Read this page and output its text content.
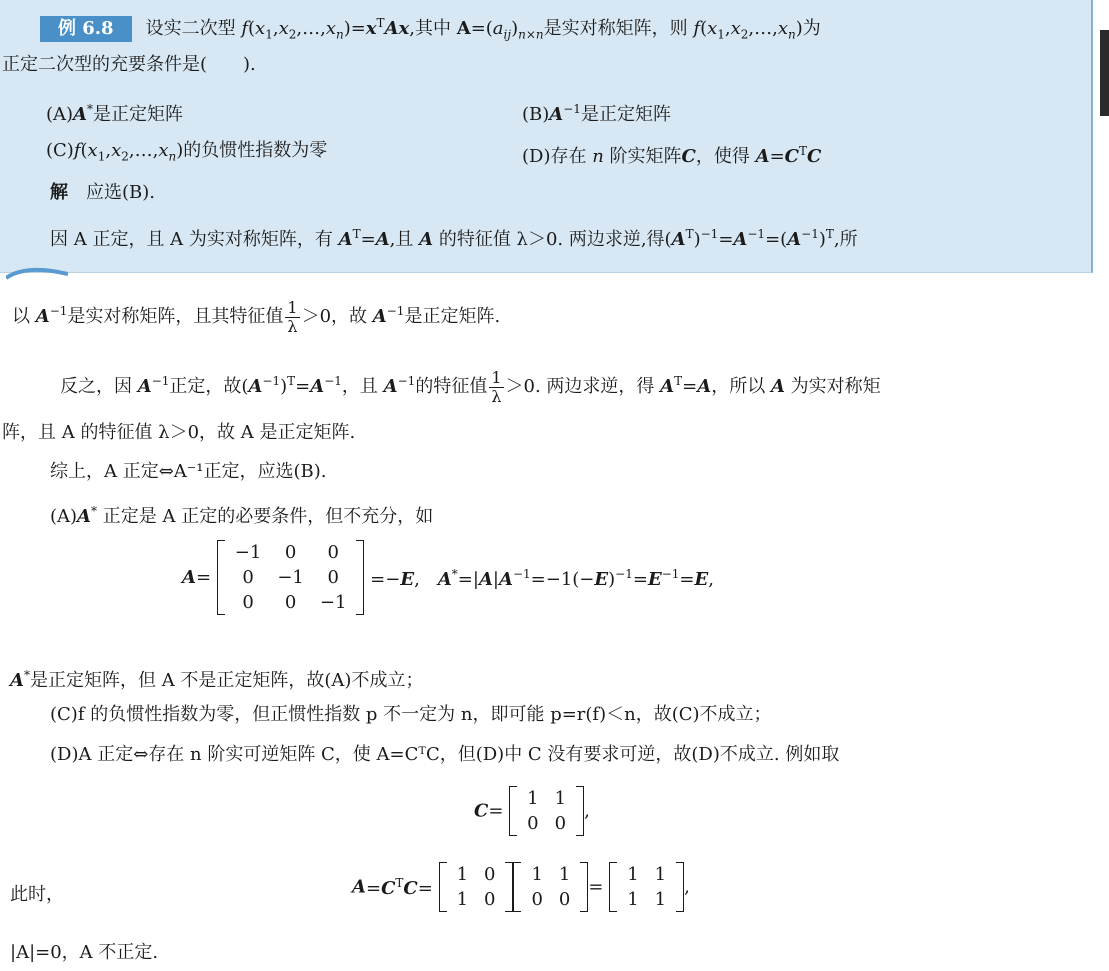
例 6.8 设实二次型 $f(x_1,x_2,\dots,x_n)=x^TAx$,其中 $A=(a_{ij})_{n\times n}$是实对称矩阵，则 $f(x_1,x_2,\dots,x_n)$为
正定二次型的充要条件是(　　).
(A)A*是正定矩阵	$(B)A^{-1}$是正定矩阵
$(C)f(x_1,x_2,\dots,x_n)$的负惯性指数为零	(D)存在 n 阶实矩阵C，使得 $A=C^TC$
解　 应选(B).
因 A 正定，且 A 为实对称矩阵，有 $A^T=A$,且 A 的特征值 λ＞0. 两边求逆,得$(A^T)^{-1}=A^{-1}=(A^{-1})^T$,所
以 $A^{-1}$是实对称矩阵，且其特征值 $\frac{1}{\lambda} >0$，故 $A^{-1}$是正定矩阵.
反之，因 $A^{-1}$正定，故$(A^{-1})^T=A^{-1}$，且 $A^{-1}$的特征值 $\frac{1}{\lambda} >0$. 两边求逆，得 $A^T=A$，所以 A 为实对称矩
阵，且 A 的特征值 λ＞0，故 A 是正定矩阵.
综上，A 正定⇔A⁻¹正定，应选(B).
(A)A* 正定是 A 正定的必要条件，但不充分，如
A=
−1	0	0
0	−1	0
0	0	−1
=−E,　$A^*=|A|A^{-1}=-1(-E)^{-1}=E^{-1}=E$,
A*是正定矩阵，但 A 不是正定矩阵，故(A)不成立；
(C)f 的负惯性指数为零，但正惯性指数 p 不一定为 n，即可能 p=r(f)＜n，故(C)不成立；
(D)A 正定⇔存在 n 阶实可逆矩阵 C，使 A=CᵀC，但(D)中 C 没有要求可逆，故(D)不成立. 例如取
C=
1	1
0	0
,
此时，	$A=C^TC=$
1	0
1	0
1	1
0	0
=
1	1
1	1
,
|A|=0，A 不正定.
